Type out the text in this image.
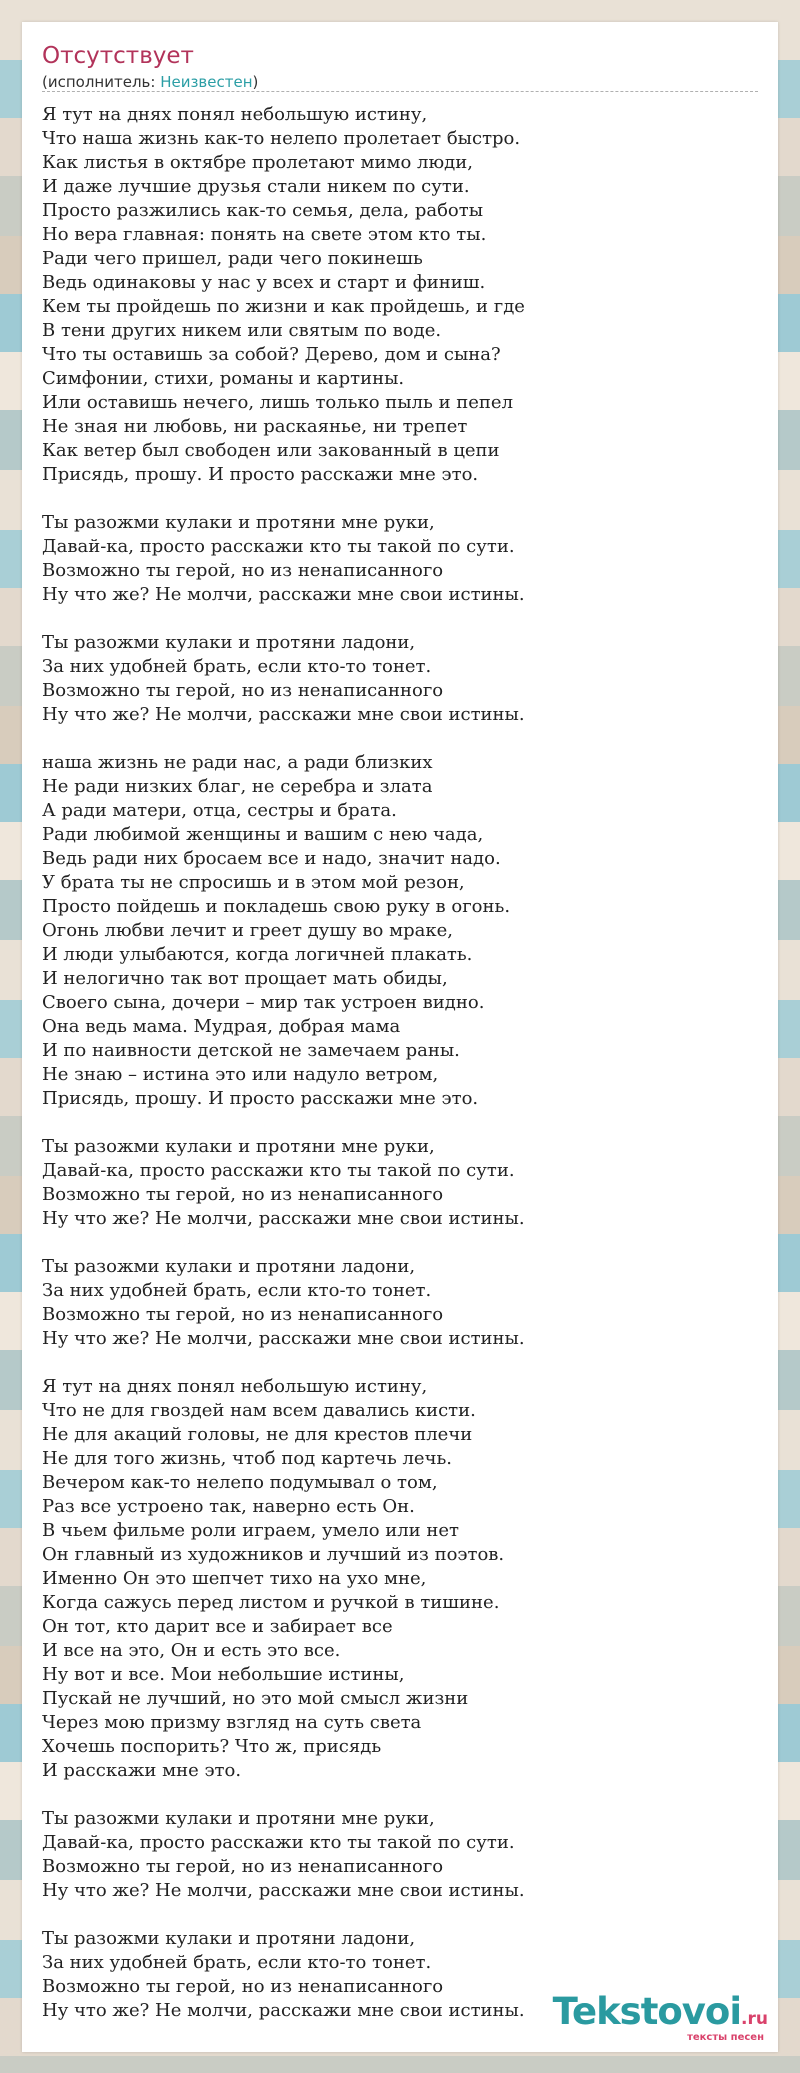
Отсутствует
(исполнитель: Неизвестен)
Я тут на днях понял небольшую истину,
Что наша жизнь как-то нелепо пролетает быстро.
Как листья в октябре пролетают мимо люди,
И даже лучшие друзья стали никем по сути.
Просто разжились как-то семья, дела, работы
Но вера главная: понять на свете этом кто ты.
Ради чего пришел, ради чего покинешь
Ведь одинаковы у нас у всех и старт и финиш.
Кем ты пройдешь по жизни и как пройдешь, и где
В тени других никем или святым по воде.
Что ты оставишь за собой? Дерево, дом и сына?
Симфонии, стихи, романы и картины.
Или оставишь нечего, лишь только пыль и пепел
Не зная ни любовь, ни раскаянье, ни трепет
Как ветер был свободен или закованный в цепи
Присядь, прошу. И просто расскажи мне это.
Ты разожми кулаки и протяни мне руки,
Давай-ка, просто расскажи кто ты такой по сути.
Возможно ты герой, но из ненаписанного
Ну что же? Не молчи, расскажи мне свои истины.
Ты разожми кулаки и протяни ладони,
За них удобней брать, если кто-то тонет.
Возможно ты герой, но из ненаписанного
Ну что же? Не молчи, расскажи мне свои истины.
наша жизнь не ради нас, а ради близких
Не ради низких благ, не серебра и злата
А ради матери, отца, сестры и брата.
Ради любимой женщины и вашим с нею чада,
Ведь ради них бросаем все и надо, значит надо.
У брата ты не спросишь и в этом мой резон,
Просто пойдешь и покладешь свою руку в огонь.
Огонь любви лечит и греет душу во мраке,
И люди улыбаются, когда логичней плакать.
И нелогично так вот прощает мать обиды,
Своего сына, дочери – мир так устроен видно.
Она ведь мама. Мудрая, добрая мама
И по наивности детской не замечаем раны.
Не знаю – истина это или надуло ветром,
Присядь, прошу. И просто расскажи мне это.
Ты разожми кулаки и протяни мне руки,
Давай-ка, просто расскажи кто ты такой по сути.
Возможно ты герой, но из ненаписанного
Ну что же? Не молчи, расскажи мне свои истины.
Ты разожми кулаки и протяни ладони,
За них удобней брать, если кто-то тонет.
Возможно ты герой, но из ненаписанного
Ну что же? Не молчи, расскажи мне свои истины.
Я тут на днях понял небольшую истину,
Что не для гвоздей нам всем давались кисти.
Не для акаций головы, не для крестов плечи
Не для того жизнь, чтоб под картечь лечь.
Вечером как-то нелепо подумывал о том,
Раз все устроено так, наверно есть Он.
В чьем фильме роли играем, умело или нет
Он главный из художников и лучший из поэтов.
Именно Он это шепчет тихо на ухо мне,
Когда сажусь перед листом и ручкой в тишине.
Он тот, кто дарит все и забирает все
И все на это, Он и есть это все.
Ну вот и все. Мои небольшие истины,
Пускай не лучший, но это мой смысл жизни
Через мою призму взгляд на суть света
Хочешь поспорить? Что ж, присядь
И расскажи мне это.
Ты разожми кулаки и протяни мне руки,
Давай-ка, просто расскажи кто ты такой по сути.
Возможно ты герой, но из ненаписанного
Ну что же? Не молчи, расскажи мне свои истины.
Ты разожми кулаки и протяни ладони,
За них удобней брать, если кто-то тонет.
Возможно ты герой, но из ненаписанного
Ну что же? Не молчи, расскажи мне свои истины. Tekstovoi.ru
тексты песен
